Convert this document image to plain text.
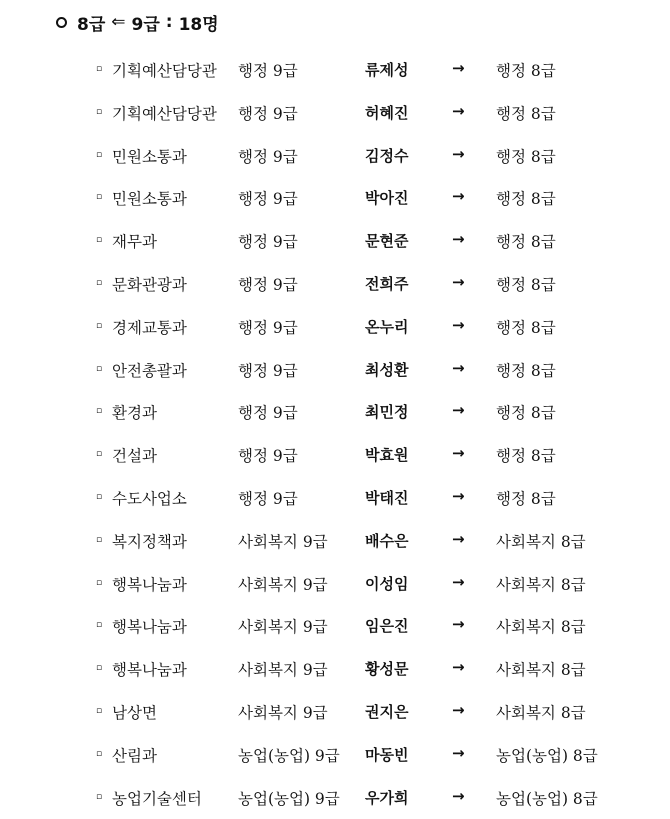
8급 ⇐ 9급 : 18명
▫ 기획예산담당관 행정 9급	류제성	→ 행정 8급
▫ 기획예산담당관 행정 9급	허혜진	→ 행정 8급
▫ 민원소통과	행정 9급	김정수	→ 행정 8급
▫ 민원소통과	행정 9급	박아진	→ 행정 8급
▫ 재무과	행정 9급	문현준	→ 행정 8급
▫ 문화관광과	행정 9급	전희주	→ 행정 8급
▫ 경제교통과	행정 9급	온누리	→ 행정 8급
▫ 안전총괄과	행정 9급	최성환	→ 행정 8급
▫ 환경과	행정 9급	최민정	→ 행정 8급
▫ 건설과	행정 9급	박효원	→ 행정 8급
▫ 수도사업소	행정 9급	박태진	→ 행정 8급
▫ 복지정책과	사회복지 9급 배수은	→ 사회복지 8급
▫ 행복나눔과	사회복지 9급 이성임	→ 사회복지 8급
▫ 행복나눔과	사회복지 9급 임은진	→ 사회복지 8급
▫ 행복나눔과	사회복지 9급 황성문	→ 사회복지 8급
▫ 남상면	사회복지 9급 권지은	→ 사회복지 8급
▫ 산림과	농업(농업) 9급 마동빈	→ 농업(농업) 8급
▫ 농업기술센터 농업(농업) 9급 우가희	→ 농업(농업) 8급
